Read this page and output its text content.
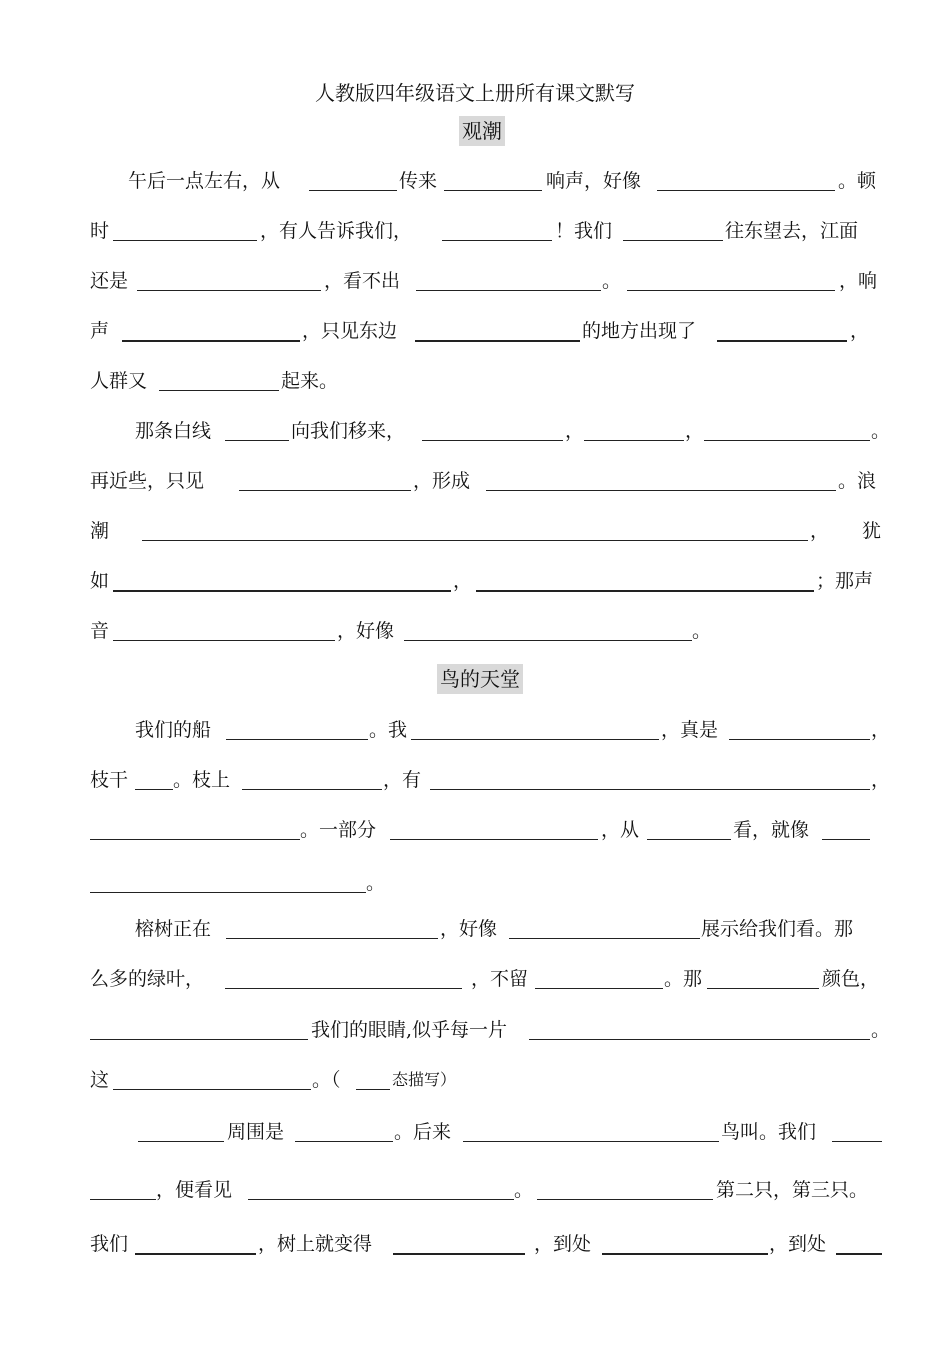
人教版四年级语文上册所有课文默写
观潮
鸟的天堂
午后一点左右，从	传来	响声，好像	。顿
时	，有人告诉我们，	！我们	往东望去，江面
还是	，看不出	。	，响
声	，只见东边	的地方出现了	，
人群又	起来。
那条白线	向我们移来，	，	，	。
再近些，只见	，形成	。浪
潮	， 犹
如	，	；那声
音	，好像	。
我们的船	。我	，真是	，
枝干 。枝上	，有	，
。一部分	，从	看，就像
。
榕树正在	，好像	展示给我们看。那
么多的绿叶，	，不留	。那	颜色，
我们的眼睛,似乎每一片	。
这	。（	态描写）
周围是	。后来	鸟叫。我们
，便看见	。	第二只，第三只。
我们	，树上就变得	，到处	，到处
